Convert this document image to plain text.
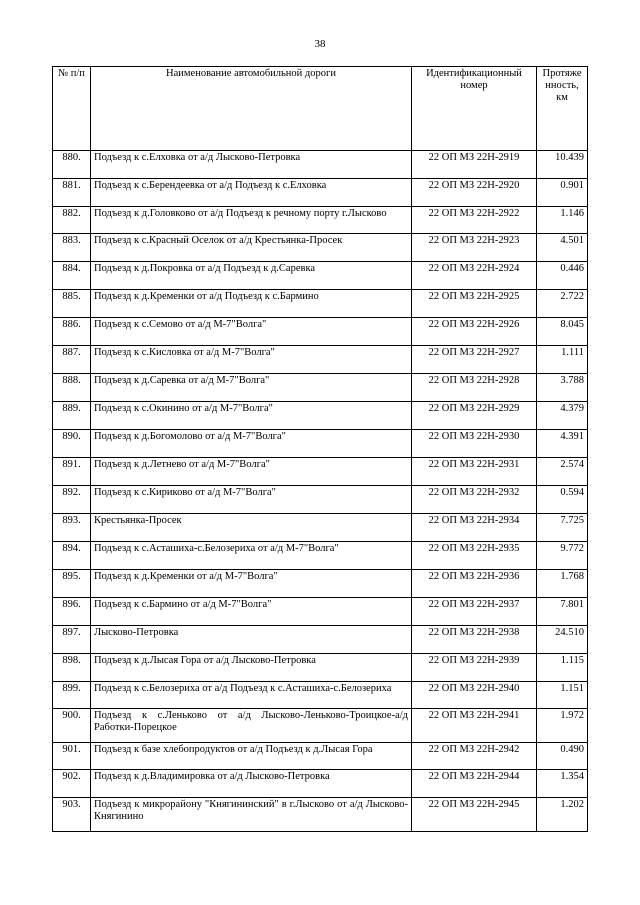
38
№ п/п	Наименование автомобильной дороги	Идентификационный номер	Протяже нность, км
880.	Подъезд к с.Елховка от а/д Лысково-Петровка	22 ОП МЗ 22Н-2919	10.439
881.	Подъезд к с.Берендеевка от а/д Подъезд к с.Елховка	22 ОП МЗ 22Н-2920	0.901
882.	Подъезд к д.Головково от а/д Подъезд к речному порту г.Лысково	22 ОП МЗ 22Н-2922	1.146
883.	Подъезд к с.Красный Оселок от а/д Крестьянка-Просек	22 ОП МЗ 22Н-2923	4.501
884.	Подъезд к д.Покровка от а/д Подъезд к д.Саревка	22 ОП МЗ 22Н-2924	0.446
885.	Подъезд к д.Кременки от а/д Подъезд к с.Бармино	22 ОП МЗ 22Н-2925	2.722
886.	Подъезд к с.Семово от а/д М-7"Волга"	22 ОП МЗ 22Н-2926	8.045
887.	Подъезд к с.Кисловка от а/д М-7"Волга"	22 ОП МЗ 22Н-2927	1.111
888.	Подъезд к д.Саревка от а/д М-7"Волга"	22 ОП МЗ 22Н-2928	3.788
889.	Подъезд к с.Окинино от а/д М-7"Волга"	22 ОП МЗ 22Н-2929	4.379
890.	Подъезд к д.Богомолово от а/д М-7"Волга"	22 ОП МЗ 22Н-2930	4.391
891.	Подъезд к д.Летнево от а/д М-7"Волга"	22 ОП МЗ 22Н-2931	2.574
892.	Подъезд к с.Кириково от а/д М-7"Волга"	22 ОП МЗ 22Н-2932	0.594
893.	Крестьянка-Просек	22 ОП МЗ 22Н-2934	7.725
894.	Подъезд к с.Асташиха-с.Белозериха от а/д М-7"Волга"	22 ОП МЗ 22Н-2935	9.772
895.	Подъезд к д.Кременки от а/д М-7"Волга"	22 ОП МЗ 22Н-2936	1.768
896.	Подъезд к с.Бармино от а/д М-7"Волга"	22 ОП МЗ 22Н-2937	7.801
897.	Лысково-Петровка	22 ОП МЗ 22Н-2938	24.510
898.	Подъезд к д.Лысая Гора от а/д Лысково-Петровка	22 ОП МЗ 22Н-2939	1.115
899.	Подъезд к с.Белозериха от а/д Подъезд к с.Асташиха-с.Белозериха	22 ОП МЗ 22Н-2940	1.151
900.	Подъезд к с.Леньково от а/д Лысково-Леньково-Троицкое-а/д Работки-Порецкое	22 ОП МЗ 22Н-2941	1.972
901.	Подъезд к базе хлебопродуктов от а/д Подъезд к д.Лысая Гора	22 ОП МЗ 22Н-2942	0.490
902.	Подъезд к д.Владимировка от а/д Лысково-Петровка	22 ОП МЗ 22Н-2944	1.354
903.	Подъезд к микрорайону "Княгининский" в г.Лысково от а/д Лысково-Княгинино	22 ОП МЗ 22Н-2945	1.202
